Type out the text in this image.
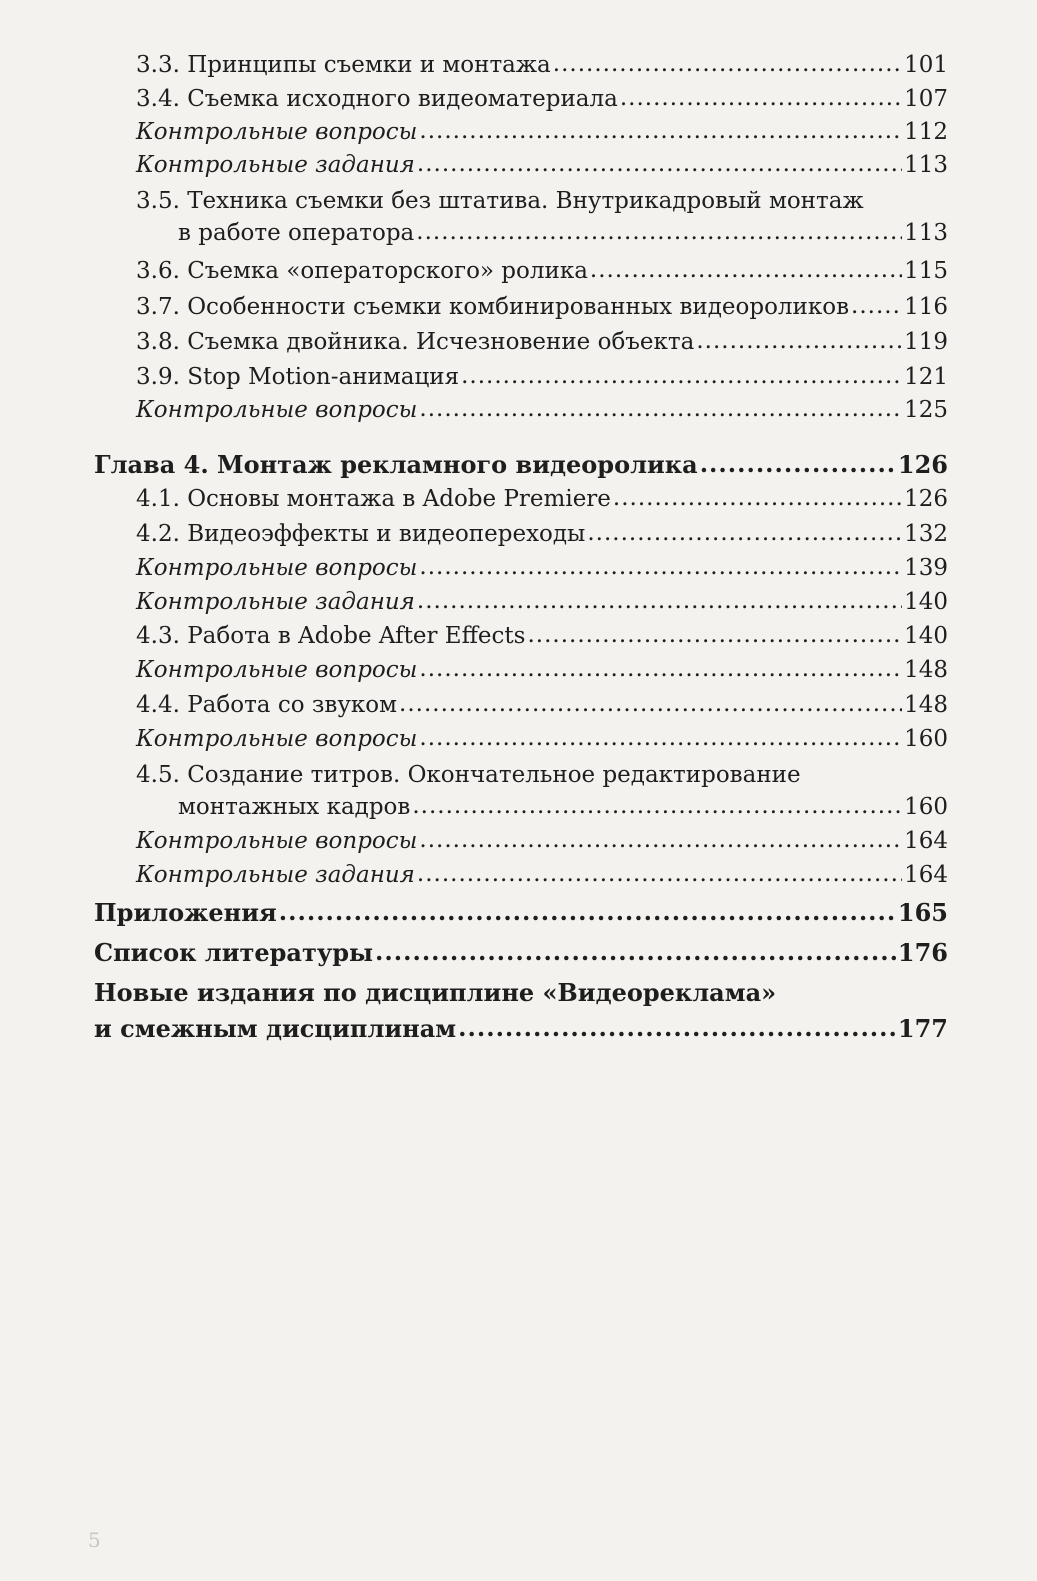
3.3. Принципы съемки и монтажа .....	101
3.4. Съемка исходного видеоматериала .....	107
Контрольные вопросы .....	112
Контрольные задания .....	113
3.5. Техника съемки без штатива. Внутрикадровый монтаж
в работе оператора .....	113
3.6. Съемка «операторского» ролика .....	115
3.7. Особенности съемки комбинированных видеороликов ..... 116
3.8. Съемка двойника. Исчезновение объекта .....	119
3.9. Stop Motion-анимация .....	121
Контрольные вопросы .....	125
Глава 4. Монтаж рекламного видеоролика .....	126
4.1. Основы монтажа в Adobe Premiere .....	126
4.2. Видеоэффекты и видеопереходы .....	132
Контрольные вопросы .....	139
Контрольные задания .....	140
4.3. Работа в Adobe After Effects .....	140
Контрольные вопросы .....	148
4.4. Работа со звуком .....	148
Контрольные вопросы .....	160
4.5. Создание титров. Окончательное редактирование
монтажных кадров .....	160
Контрольные вопросы .....	164
Контрольные задания .....	164
Приложения .....	165
Список литературы .....	176
Новые издания по дисциплине «Видеореклама»
и смежным дисциплинам .....	177
5
